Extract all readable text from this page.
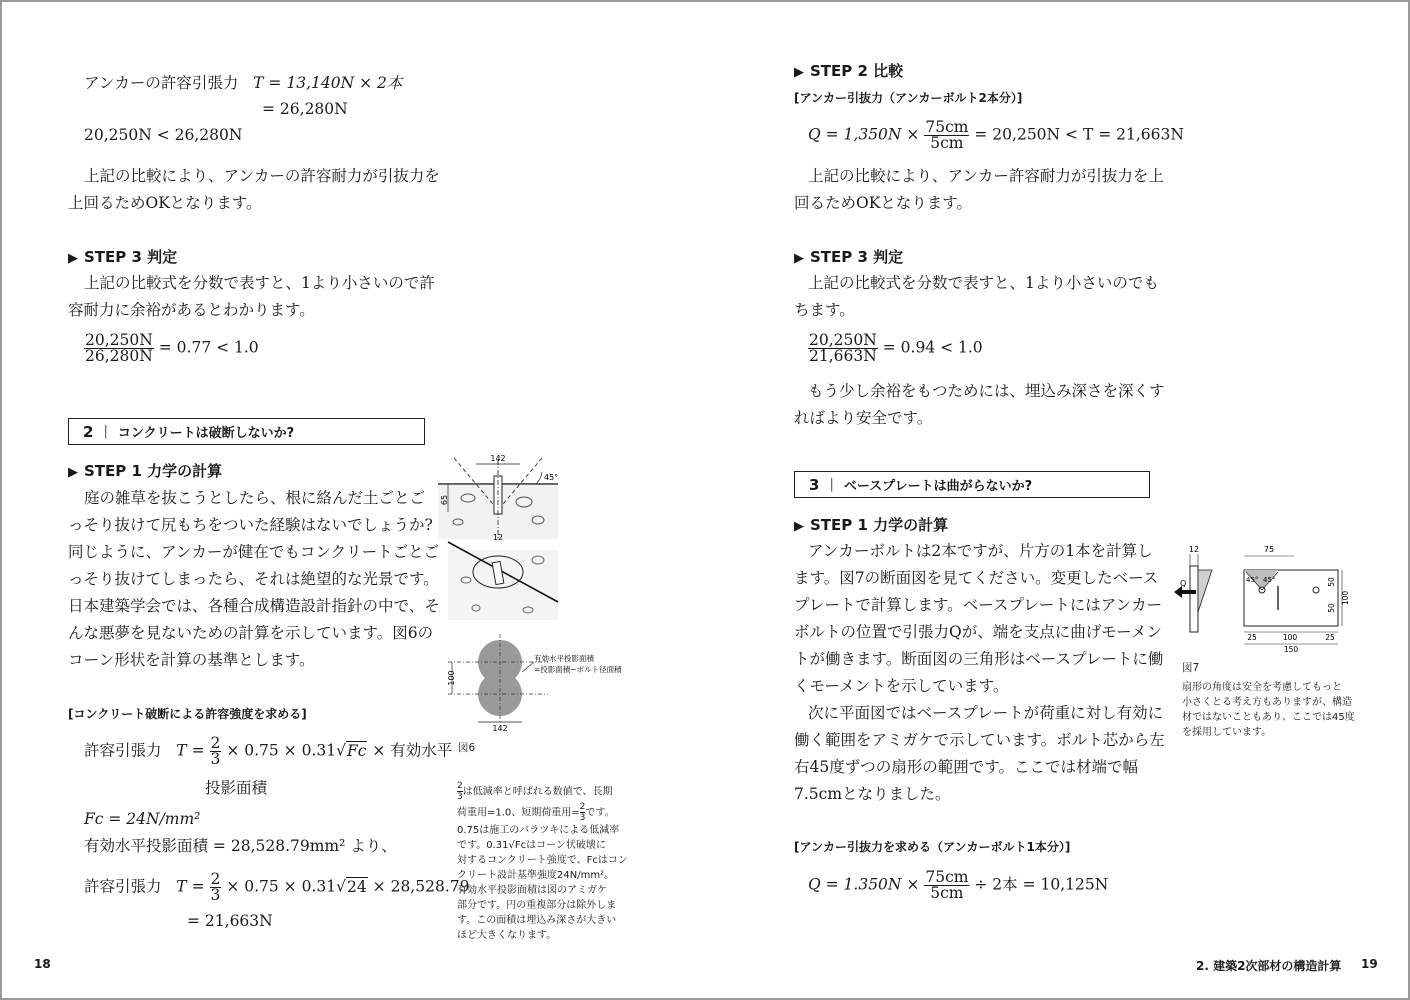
アンカーの許容引張力 T = 13,140N × 2本
= 26,280N
20,250N < 26,280N
上記の比較により、アンカーの許容耐力が引抜力を
上回るためOKとなります。
▶ STEP 3 判定
上記の比較式を分数で表すと、1より小さいので許
容耐力に余裕があるとわかります。
$\frac{20,250N}{26,280N} = 0.77 < 1.0$
2 | コンクリートは破断しないか?
▶ STEP 1 力学の計算
庭の雑草を抜こうとしたら、根に絡んだ土ごとご
っそり抜けて尻もちをついた経験はないでしょうか?
同じように、アンカーが健在でもコンクリートごとご
っそり抜けてしまったら、それは絶望的な光景です。
日本建築学会では、各種合成構造設計指針の中で、そ
んな悪夢を見ないための計算を示しています。図6の
コーン形状を計算の基準とします。
[コンクリート破断による許容強度を求める]
許容引張力 $T = \frac{2}{3} \times 0.75 \times 0.31√Fc$ × 有効水平
投影面積
Fc = 24N/mm²
有効水平投影面積 = 28,528.79mm² より、
許容引張力 $T = \frac{2}{3} \times 0.75 \times 0.31√24 \times 28,528.79$
= 21,663N
18
142
65
12
45°
100
142
有効水平投影面積
=投影面積−ボルト径面積
図6
$\frac{2}{3}$ は低減率と呼ばれる数値で、長期
荷重用=1.0、短期荷重用= $\frac{2}{3}$ です。
0.75は施工のバラツキによる低減率
です。0.31√Fcはコーン状破壊に
対するコンクリート強度で、Fcはコン
クリート設計基準強度24N/mm²。
有効水平投影面積は図のアミガケ
部分です。円の重複部分は除外しま
す。この面積は埋込み深さが大きい
ほど大きくなります。
▶ STEP 2 比較
[アンカー引抜力（アンカーボルト2本分）]
$Q = 1,350N \times \frac{75cm}{5cm} = 20,250N < T = 21,663N$
上記の比較により、アンカー許容耐力が引抜力を上
回るためOKとなります。
▶ STEP 3 判定
上記の比較式を分数で表すと、1より小さいのでも
ちます。
$\frac{20,250N}{21,663N} = 0.94 < 1.0$
もう少し余裕をもつためには、埋込み深さを深くす
ればより安全です。
3 | ベースプレートは曲がらないか?
▶ STEP 1 力学の計算
アンカーボルトは2本ですが、片方の1本を計算し
ます。図7の断面図を見てください。変更したベース
プレートで計算します。ベースプレートにはアンカー
ボルトの位置で引張力Qが、端を支点に曲げモーメン
トが働きます。断面図の三角形はベースプレートに働
くモーメントを示しています。
次に平面図ではベースプレートが荷重に対し有効に
働く範囲をアミガケで示しています。ボルト芯から左
右45度ずつの扇形の範囲です。ここでは材端で幅
7.5cmとなりました。
[アンカー引抜力を求める（アンカーボルト1本分）]
$Q = 1.350N \times \frac{75cm}{5cm} \div 2$本 = 10,125N
2. 建築2次部材の構造計算 19
12
Q
75
45° 45°	50
50
100
25	100	25
150
図7
扇形の角度は安全を考慮してもっと
小さくとる考え方もありますが、構造
材ではないこともあり、ここでは45度
を採用しています。
